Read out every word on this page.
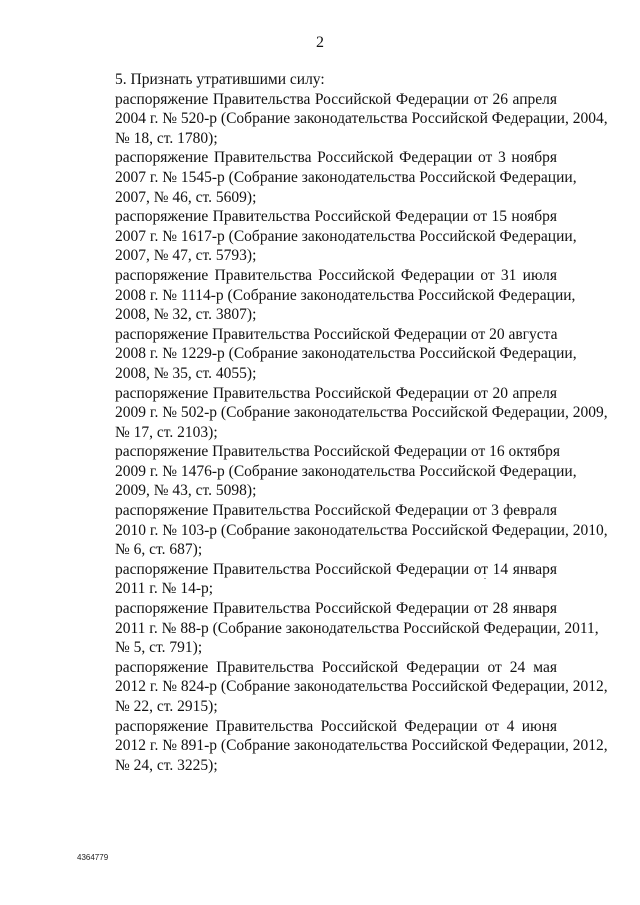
2

5. Признать утратившими силу:

распоряжение Правительства Российской Федерации от 26 апреля
2004 г. № 520-р (Собрание законодательства Российской Федерации, 2004,
№ 18, ст. 1780);
распоряжение Правительства Российской Федерации от 3 ноября
2007 г. № 1545-р (Собрание законодательства Российской Федерации,
2007, № 46, ст. 5609);
распоряжение Правительства Российской Федерации от 15 ноября
2007 г. № 1617-р (Собрание законодательства Российской Федерации,
2007, № 47, ст. 5793);
распоряжение Правительства Российской Федерации от 31 июля
2008 г. № 1114-р (Собрание законодательства Российской Федерации,
2008, № 32, ст. 3807);
распоряжение Правительства Российской Федерации от 20 августа
2008 г. № 1229-р (Собрание законодательства Российской Федерации,
2008, № 35, ст. 4055);
распоряжение Правительства Российской Федерации от 20 апреля
2009 г. № 502-р (Собрание законодательства Российской Федерации, 2009,
№ 17, ст. 2103);
распоряжение Правительства Российской Федерации от 16 октября
2009 г. № 1476-р (Собрание законодательства Российской Федерации,
2009, № 43, ст. 5098);
распоряжение Правительства Российской Федерации от 3 февраля
2010 г. № 103-р (Собрание законодательства Российской Федерации, 2010,
№ 6, ст. 687);
распоряжение Правительства Российской Федерации от 14 января
2011 г. № 14-р;
распоряжение Правительства Российской Федерации от 28 января
2011 г. № 88-р (Собрание законодательства Российской Федерации, 2011,
№ 5, ст. 791);
распоряжение Правительства Российской Федерации от 24 мая
2012 г. № 824-р (Собрание законодательства Российской Федерации, 2012,
№ 22, ст. 2915);
распоряжение Правительства Российской Федерации от 4 июня
2012 г. № 891-р (Собрание законодательства Российской Федерации, 2012,
№ 24, ст. 3225);
4364779
